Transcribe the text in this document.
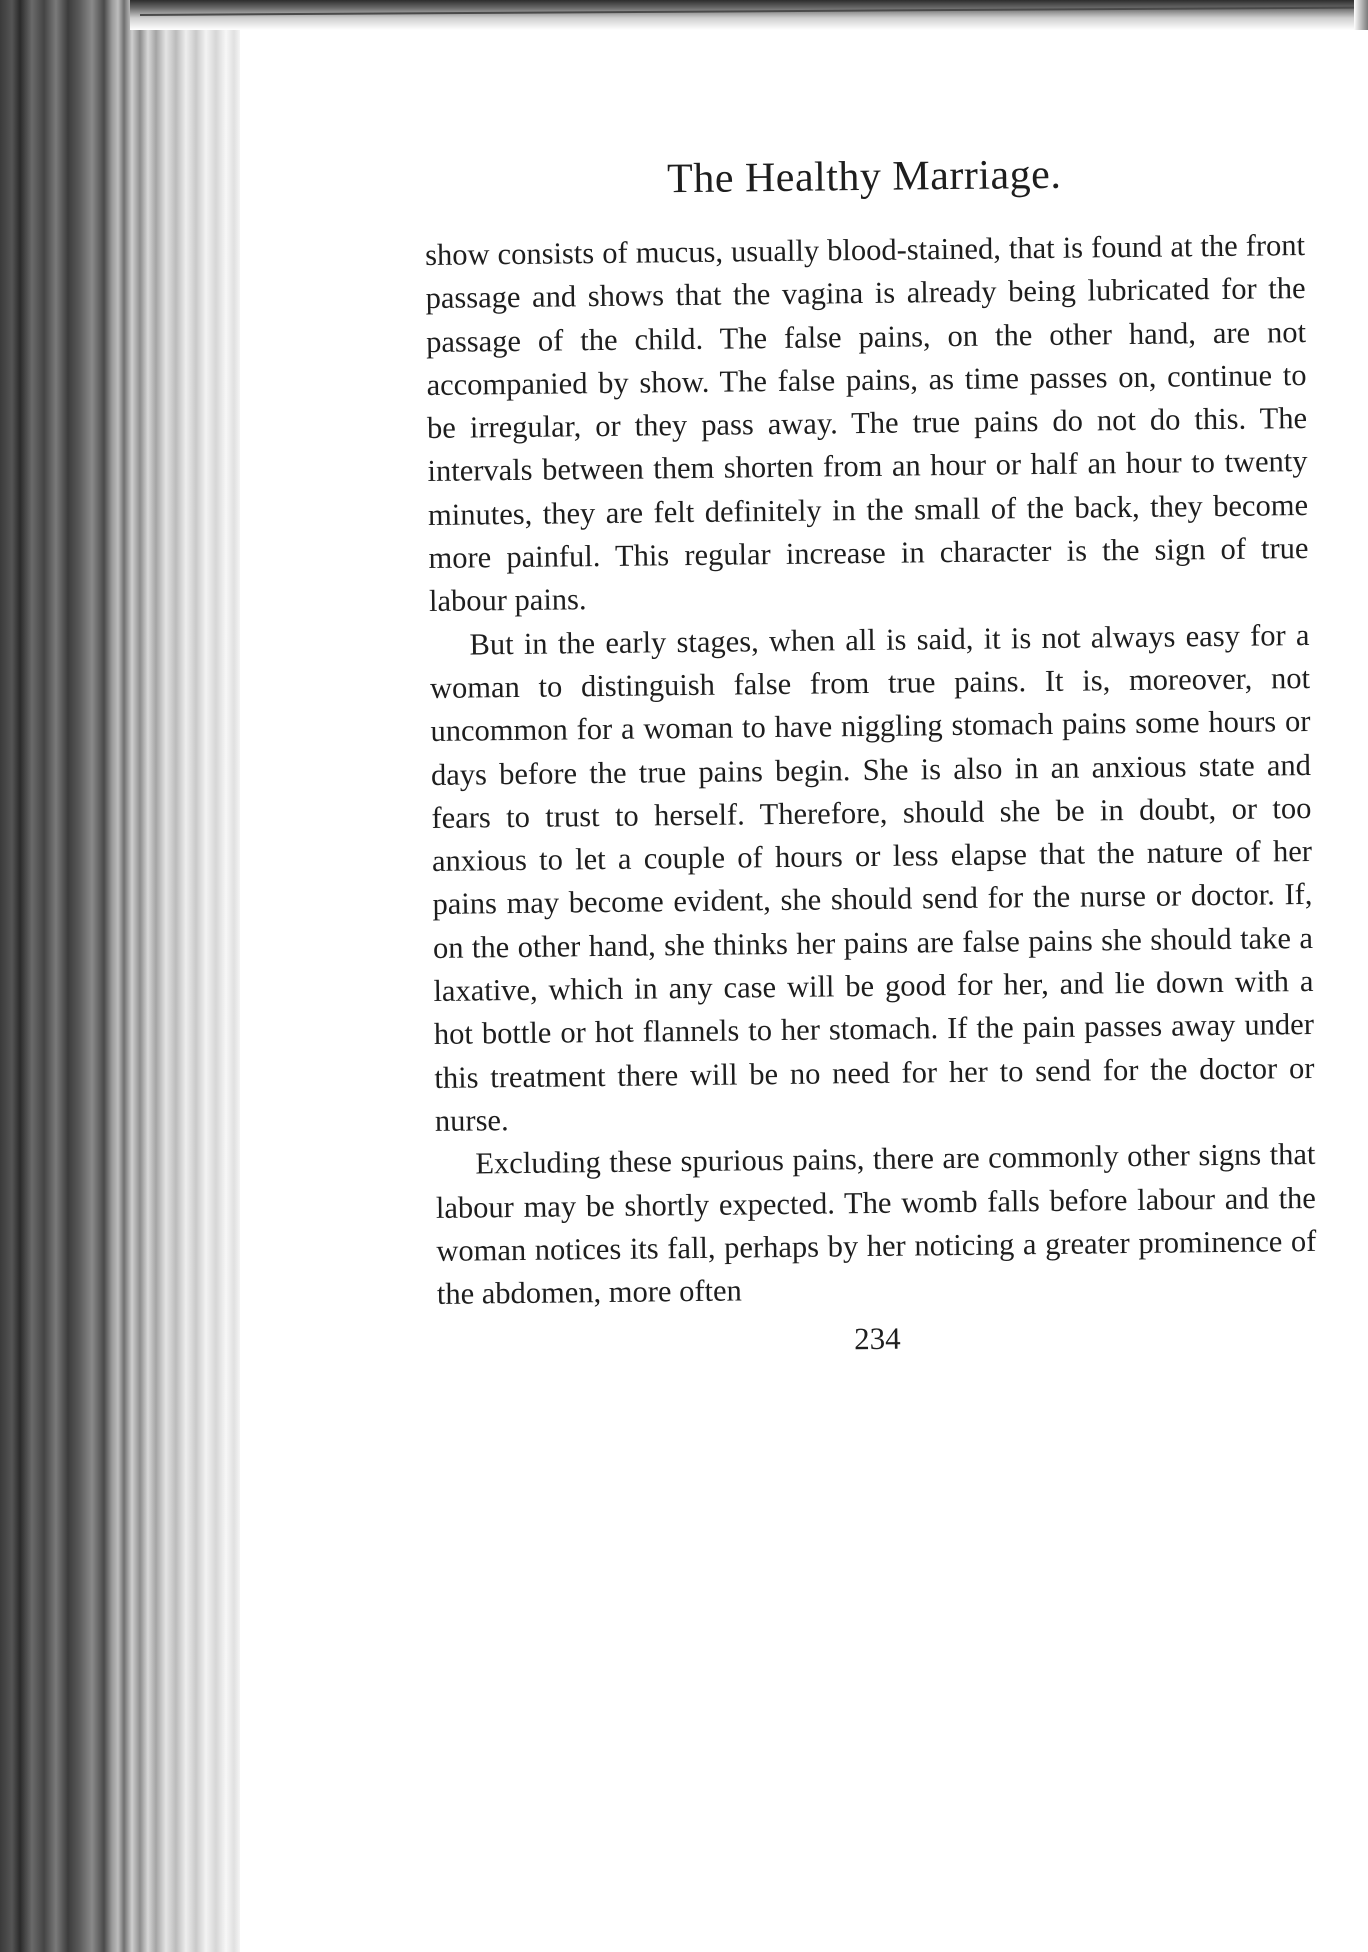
The Healthy Marriage.

show consists of mucus, usually blood-stained, that is found at the front passage and shows that the vagina is already being lubricated for the passage of the child. The false pains, on the other hand, are not accompanied by show. The false pains, as time passes on, continue to be irregular, or they pass away. The true pains do not do this. The intervals between them shorten from an hour or half an hour to twenty minutes, they are felt definitely in the small of the back, they become more painful. This regular increase in character is the sign of true labour pains.

But in the early stages, when all is said, it is not always easy for a woman to distinguish false from true pains. It is, moreover, not uncommon for a woman to have niggling stomach pains some hours or days before the true pains begin. She is also in an anxious state and fears to trust to herself. Therefore, should she be in doubt, or too anxious to let a couple of hours or less elapse that the nature of her pains may become evident, she should send for the nurse or doctor. If, on the other hand, she thinks her pains are false pains she should take a laxative, which in any case will be good for her, and lie down with a hot bottle or hot flannels to her stomach. If the pain passes away under this treatment there will be no need for her to send for the doctor or nurse.

Excluding these spurious pains, there are commonly other signs that labour may be shortly expected. The womb falls before labour and the woman notices its fall, perhaps by her noticing a greater prominence of the abdomen, more often

234
